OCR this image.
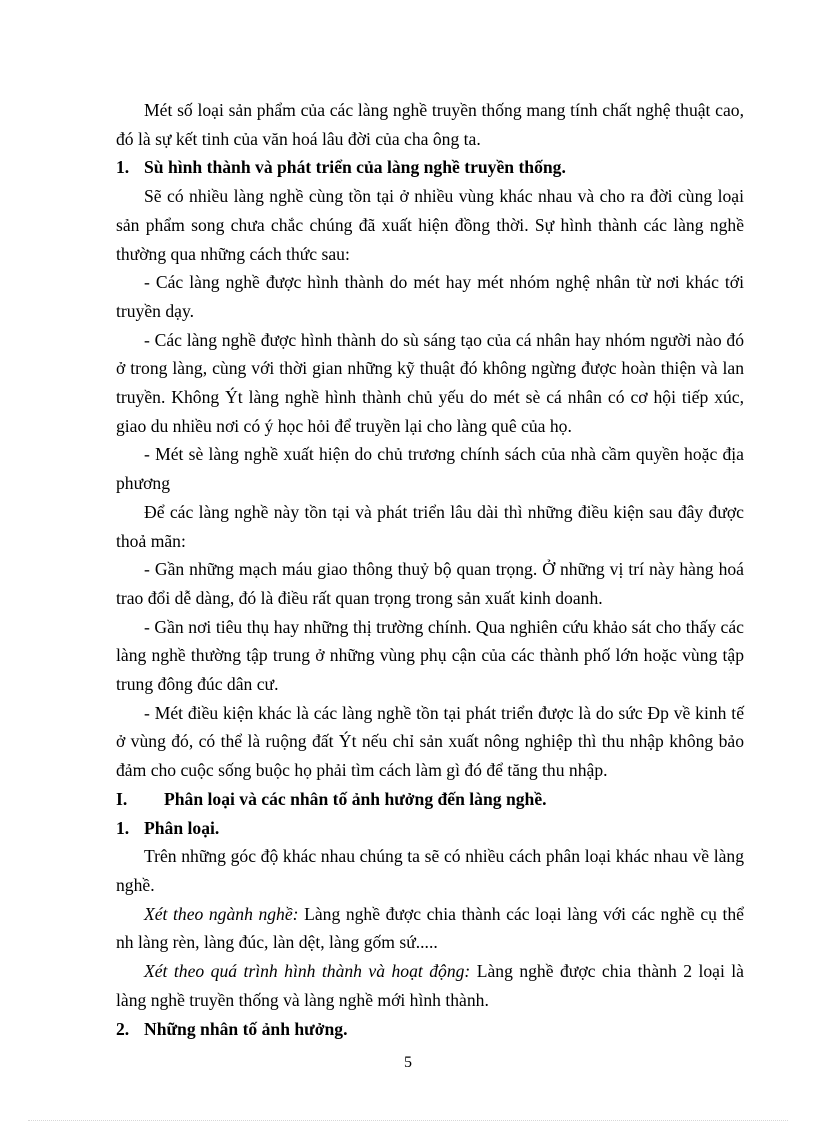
Mét số loại sản phẩm của các làng nghề truyền thống mang tính chất nghệ thuật cao, đó là sự kết tinh của văn hoá lâu đời của cha ông ta.

1. Sù hình thành và phát triển của làng nghề truyền thống.

Sẽ có nhiều làng nghề cùng tồn tại ở nhiều vùng khác nhau và cho ra đời cùng loại sản phẩm song chưa chắc chúng đã xuất hiện đồng thời. Sự hình thành các làng nghề thường qua những cách thức sau:

- Các làng nghề được hình thành do mét hay mét nhóm nghệ nhân từ nơi khác tới truyền dạy.

- Các làng nghề được hình thành do sù sáng tạo của cá nhân hay nhóm người nào đó ở trong làng, cùng với thời gian những kỹ thuật đó không ngừng được hoàn thiện và lan truyền. Không Ýt làng nghề hình thành chủ yếu do mét sè cá nhân có cơ hội tiếp xúc, giao du nhiều nơi có ý học hỏi để truyền lại cho làng quê của họ.

- Mét sè làng nghề xuất hiện do chủ trương chính sách của nhà cầm quyền hoặc địa phương

Để các làng nghề này tồn tại và phát triển lâu dài thì những điều kiện sau đây được thoả mãn:

- Gần những mạch máu giao thông thuỷ bộ quan trọng. Ở những vị trí này hàng hoá trao đổi dễ dàng, đó là điều rất quan trọng trong sản xuất kinh doanh.

- Gần nơi tiêu thụ hay những thị trường chính. Qua nghiên cứu khảo sát cho thấy các làng nghề thường tập trung ở những vùng phụ cận của các thành phố lớn hoặc vùng tập trung đông đúc dân cư.

- Mét điều kiện khác là các làng nghề tồn tại phát triển được là do sức Ðp về kinh tế ở vùng đó, có thể là ruộng đất Ýt nếu chỉ sản xuất nông nghiệp thì thu nhập không bảo đảm cho cuộc sống buộc họ phải tìm cách làm gì đó để tăng thu nhập.

I. Phân loại và các nhân tố ảnh hưởng đến làng nghề.

1. Phân loại.

Trên những góc độ khác nhau chúng ta sẽ có nhiều cách phân loại khác nhau về làng nghề.

Xét theo ngành nghề: Làng nghề được chia thành các loại làng với các nghề cụ thể nh làng rèn, làng đúc, làn dệt, làng gốm sứ.....

Xét theo quá trình hình thành và hoạt động: Làng nghề được chia thành 2 loại là làng nghề truyền thống và làng nghề mới hình thành.

2. Những nhân tố ảnh hưởng.

5
